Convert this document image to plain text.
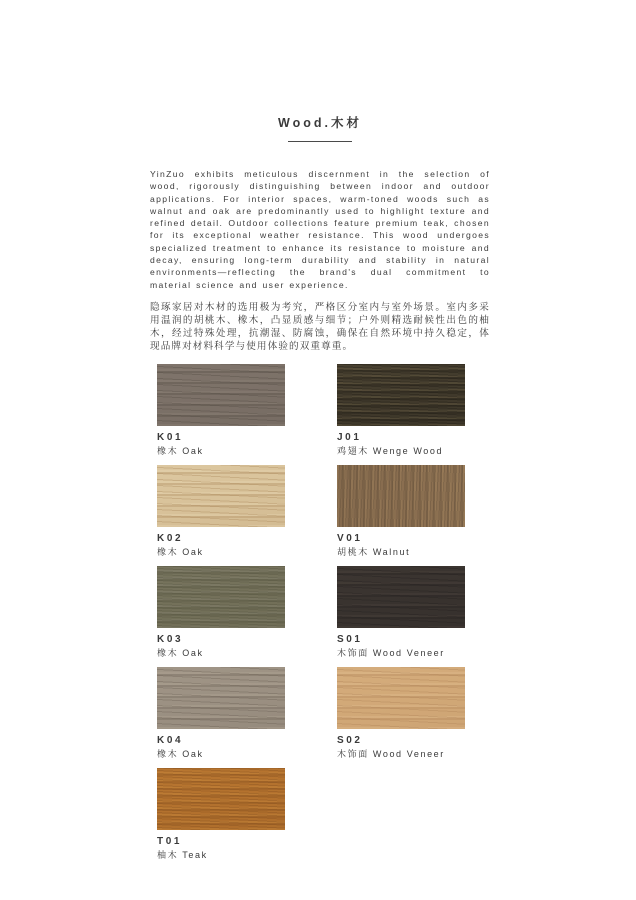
Wood.木材

YinZuo exhibits meticulous discernment in the selection of wood, rigorously distinguishing between indoor and outdoor applications. For interior spaces, warm-toned woods such as walnut and oak are predominantly used to highlight texture and refined detail. Outdoor collections feature premium teak, chosen for its exceptional weather resistance. This wood undergoes specialized treatment to enhance its resistance to moisture and decay, ensuring long-term durability and stability in natural environments—reflecting the brand's dual commitment to material science and user experience.

隐琢家居对木材的选用极为考究，严格区分室内与室外场景。室内多采用温润的胡桃木、橡木，凸显质感与细节；户外则精选耐候性出色的柚木，经过特殊处理，抗潮湿、防腐蚀，确保在自然环境中持久稳定，体现品牌对材料科学与使用体验的双重尊重。

K01
橡木 Oak
J01
鸡翅木 Wenge Wood
K02
橡木 Oak
V01
胡桃木 Walnut
K03
橡木 Oak
S01
木饰面 Wood Veneer
K04
橡木 Oak
S02
木饰面 Wood Veneer
T01
柚木 Teak
